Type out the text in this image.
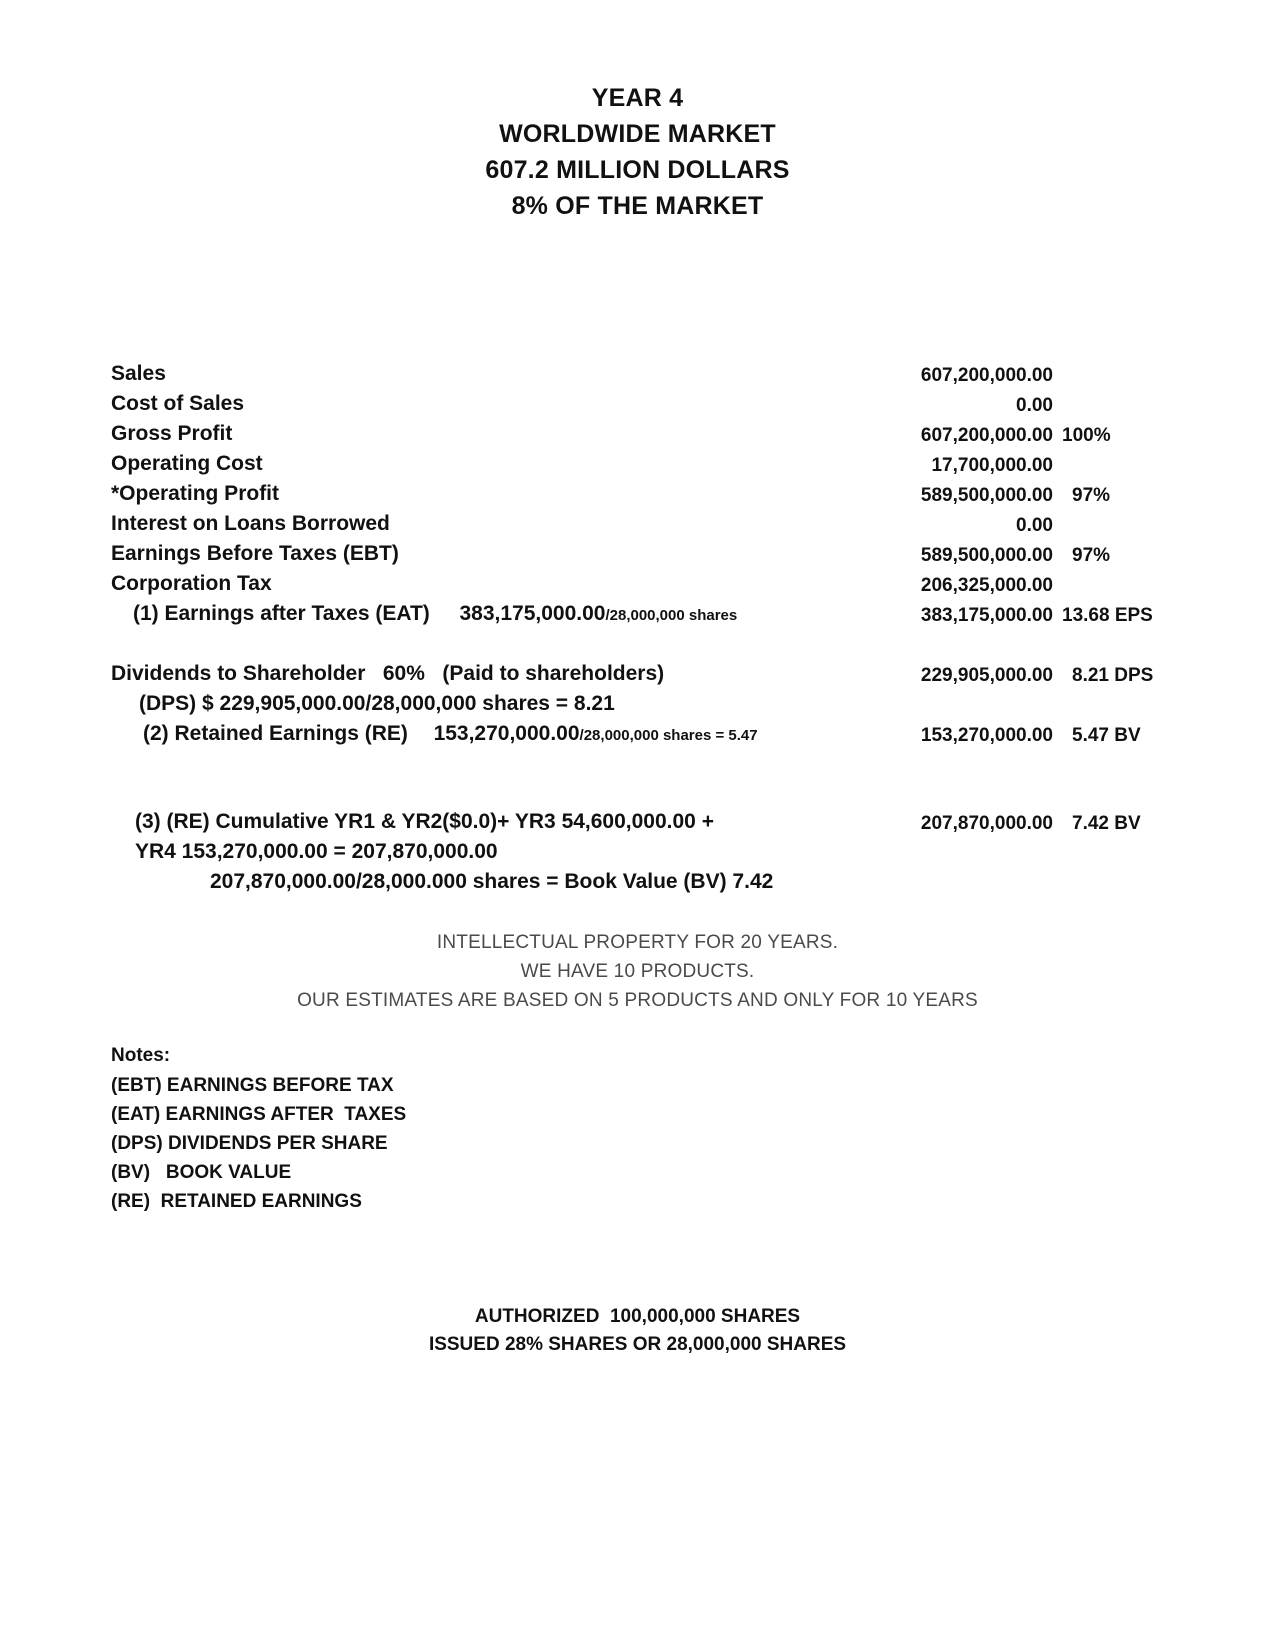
YEAR 4
WORLDWIDE MARKET
607.2 MILLION DOLLARS
8% OF THE MARKET
Sales	607,200,000.00
Cost of Sales	0.00
Gross Profit	607,200,000.00 100%
Operating Cost	17,700,000.00
*Operating Profit	589,500,000.00 97%
Interest on Loans Borrowed	0.00
Earnings Before Taxes (EBT)	589,500,000.00 97%
Corporation Tax	206,325,000.00
(1) Earnings after Taxes (EAT) 383,175,000.00/28,000,000 shares	383,175,000.00 13.68 EPS
Dividends to Shareholder   60%   (Paid to shareholders)	229,905,000.00 8.21 DPS
(DPS) $ 229,905,000.00/28,000,000 shares = 8.21
(2) Retained Earnings (RE) 153,270,000.00/28,000,000 shares = 5.47	153,270,000.00 5.47 BV
(3) (RE) Cumulative YR1 & YR2($0.0)+ YR3 54,600,000.00 +	207,870,000.00 7.42 BV
YR4 153,270,000.00 = 207,870,000.00
207,870,000.00/28,000.000 shares = Book Value (BV) 7.42
INTELLECTUAL PROPERTY FOR 20 YEARS.
WE HAVE 10 PRODUCTS.
OUR ESTIMATES ARE BASED ON 5 PRODUCTS AND ONLY FOR 10 YEARS
Notes:
(EBT) EARNINGS BEFORE TAX
(EAT) EARNINGS AFTER  TAXES
(DPS) DIVIDENDS PER SHARE
(BV)   BOOK VALUE
(RE)  RETAINED EARNINGS
AUTHORIZED  100,000,000 SHARES
ISSUED 28% SHARES OR 28,000,000 SHARES
